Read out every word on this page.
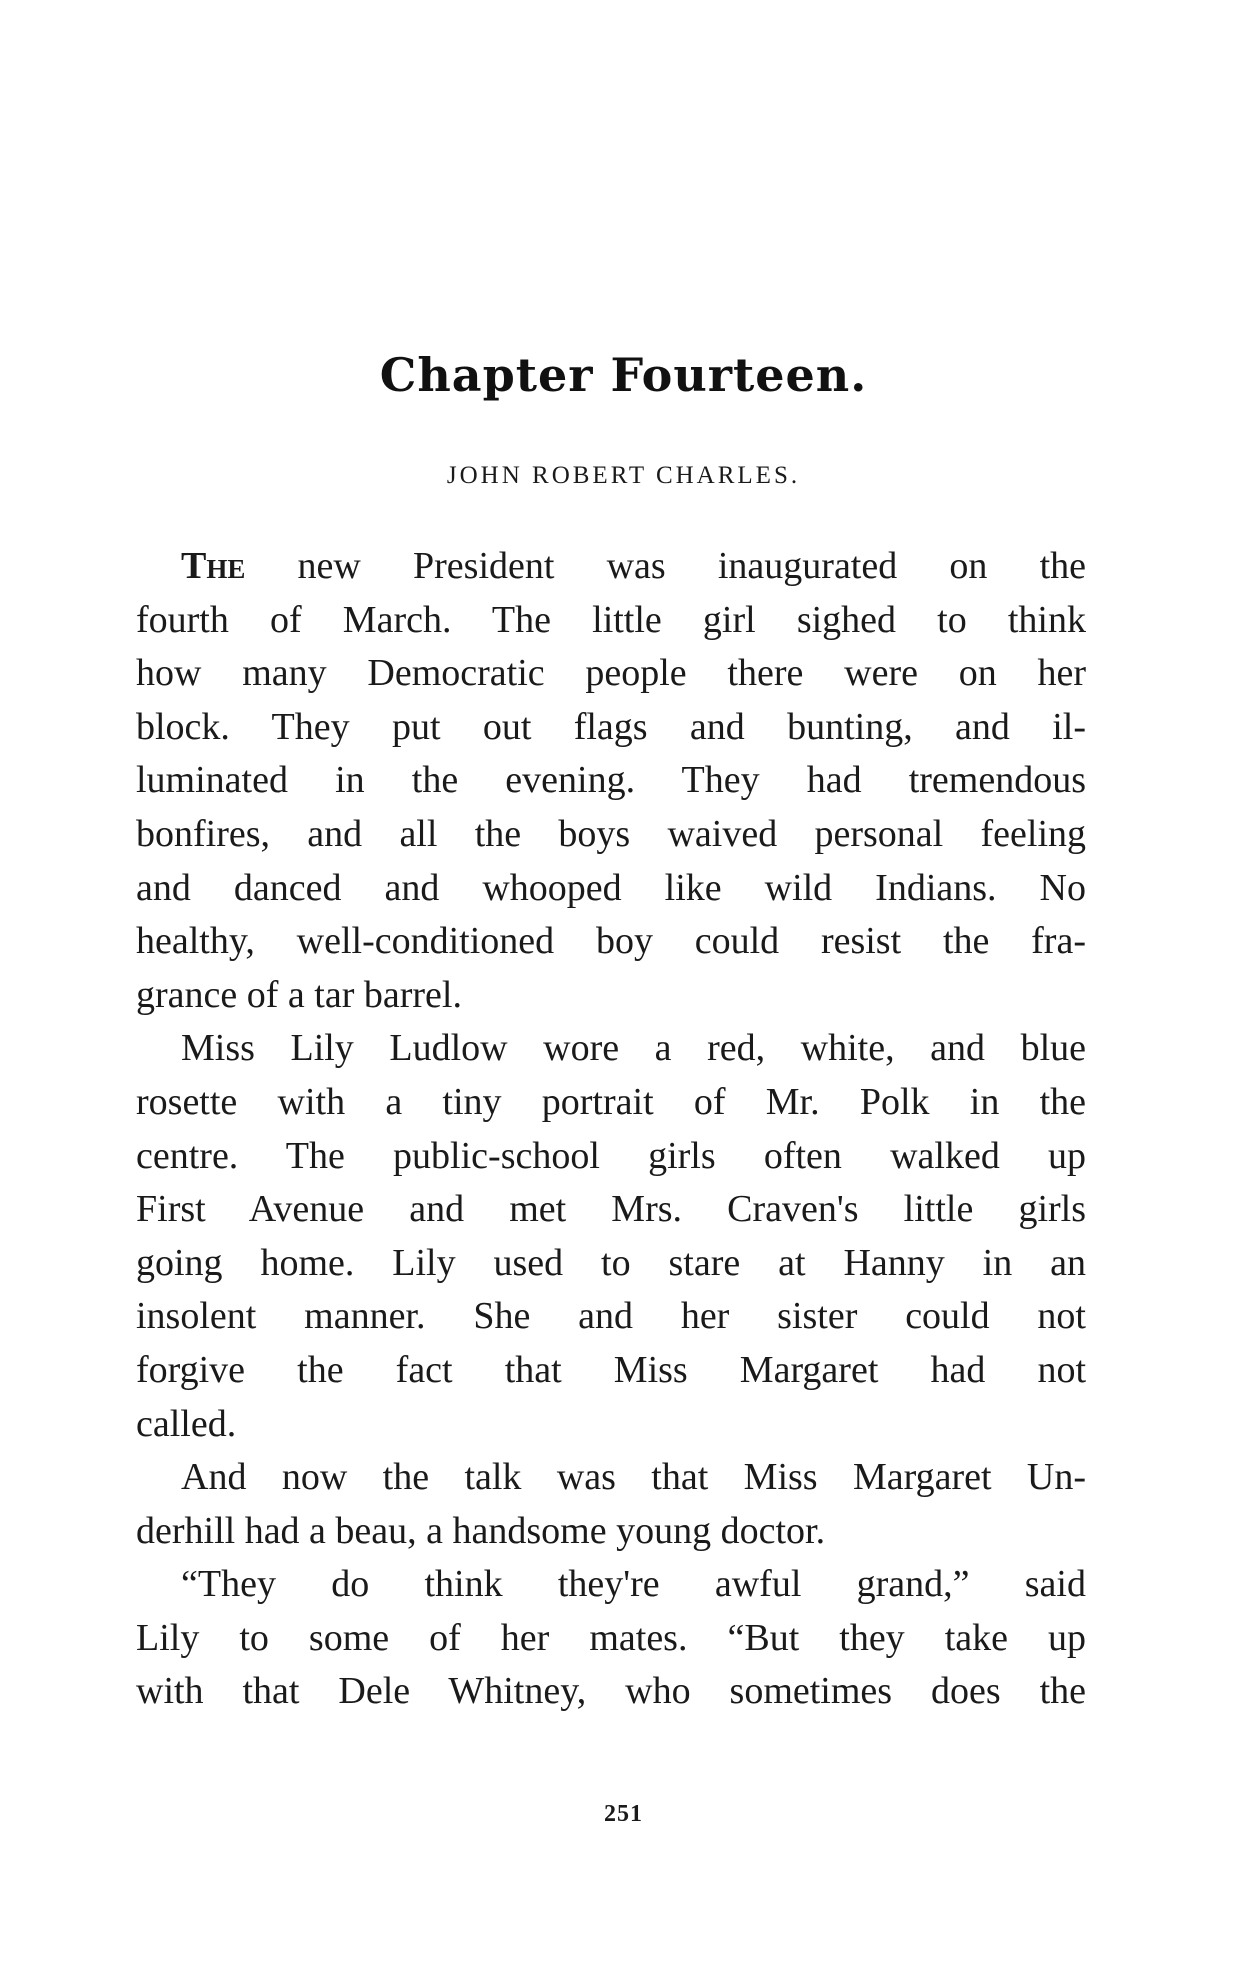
Chapter Fourteen.
JOHN ROBERT CHARLES.
The new President was inaugurated on the
fourth of March. The little girl sighed to think
how many Democratic people there were on her
block. They put out flags and bunting, and il-
luminated in the evening. They had tremendous
bonfires, and all the boys waived personal feeling
and danced and whooped like wild Indians. No
healthy, well-conditioned boy could resist the fra-
grance of a tar barrel.
Miss Lily Ludlow wore a red, white, and blue
rosette with a tiny portrait of Mr. Polk in the
centre. The public-school girls often walked up
First Avenue and met Mrs. Craven's little girls
going home. Lily used to stare at Hanny in an
insolent manner. She and her sister could not
forgive the fact that Miss Margaret had not
called.
And now the talk was that Miss Margaret Un-
derhill had a beau, a handsome young doctor.
“They do think they're awful grand,” said
Lily to some of her mates. “But they take up
with that Dele Whitney, who sometimes does the
251
